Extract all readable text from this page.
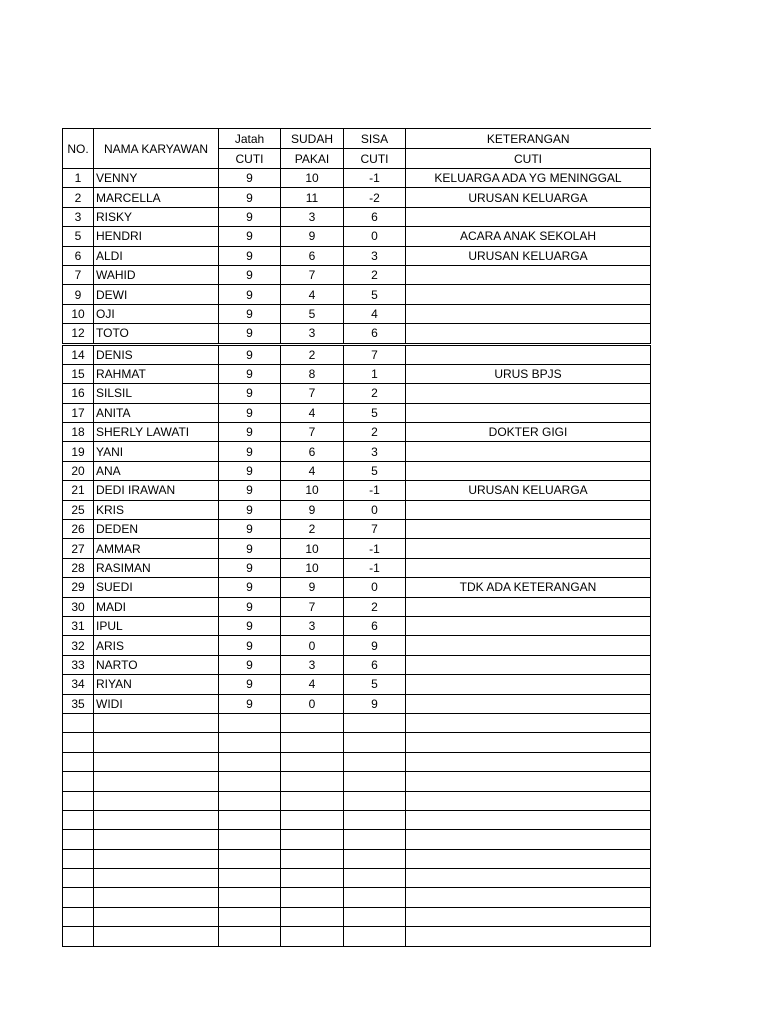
NO.	NAMA KARYAWAN	Jatah	SUDAH	SISA	KETERANGAN
		CUTI	PAKAI	CUTI	CUTI
1	VENNY	9	10	-1	KELUARGA ADA YG MENINGGAL
2	MARCELLA	9	11	-2	URUSAN KELUARGA
3	RISKY	9	3	6	
5	HENDRI	9	9	0	ACARA ANAK SEKOLAH
6	ALDI	9	6	3	URUSAN KELUARGA
7	WAHID	9	7	2	
9	DEWI	9	4	5	
10	OJI	9	5	4	
12	TOTO	9	3	6	
14	DENIS	9	2	7	
15	RAHMAT	9	8	1	URUS BPJS
16	SILSIL	9	7	2	
17	ANITA	9	4	5	
18	SHERLY LAWATI	9	7	2	DOKTER GIGI
19	YANI	9	6	3	
20	ANA	9	4	5	
21	DEDI IRAWAN	9	10	-1	URUSAN KELUARGA
25	KRIS	9	9	0	
26	DEDEN	9	2	7	
27	AMMAR	9	10	-1	
28	RASIMAN	9	10	-1	
29	SUEDI	9	9	0	TDK ADA KETERANGAN
30	MADI	9	7	2	
31	IPUL	9	3	6	
32	ARIS	9	0	9	
33	NARTO	9	3	6	
34	RIYAN	9	4	5	
35	WIDI	9	0	9	
